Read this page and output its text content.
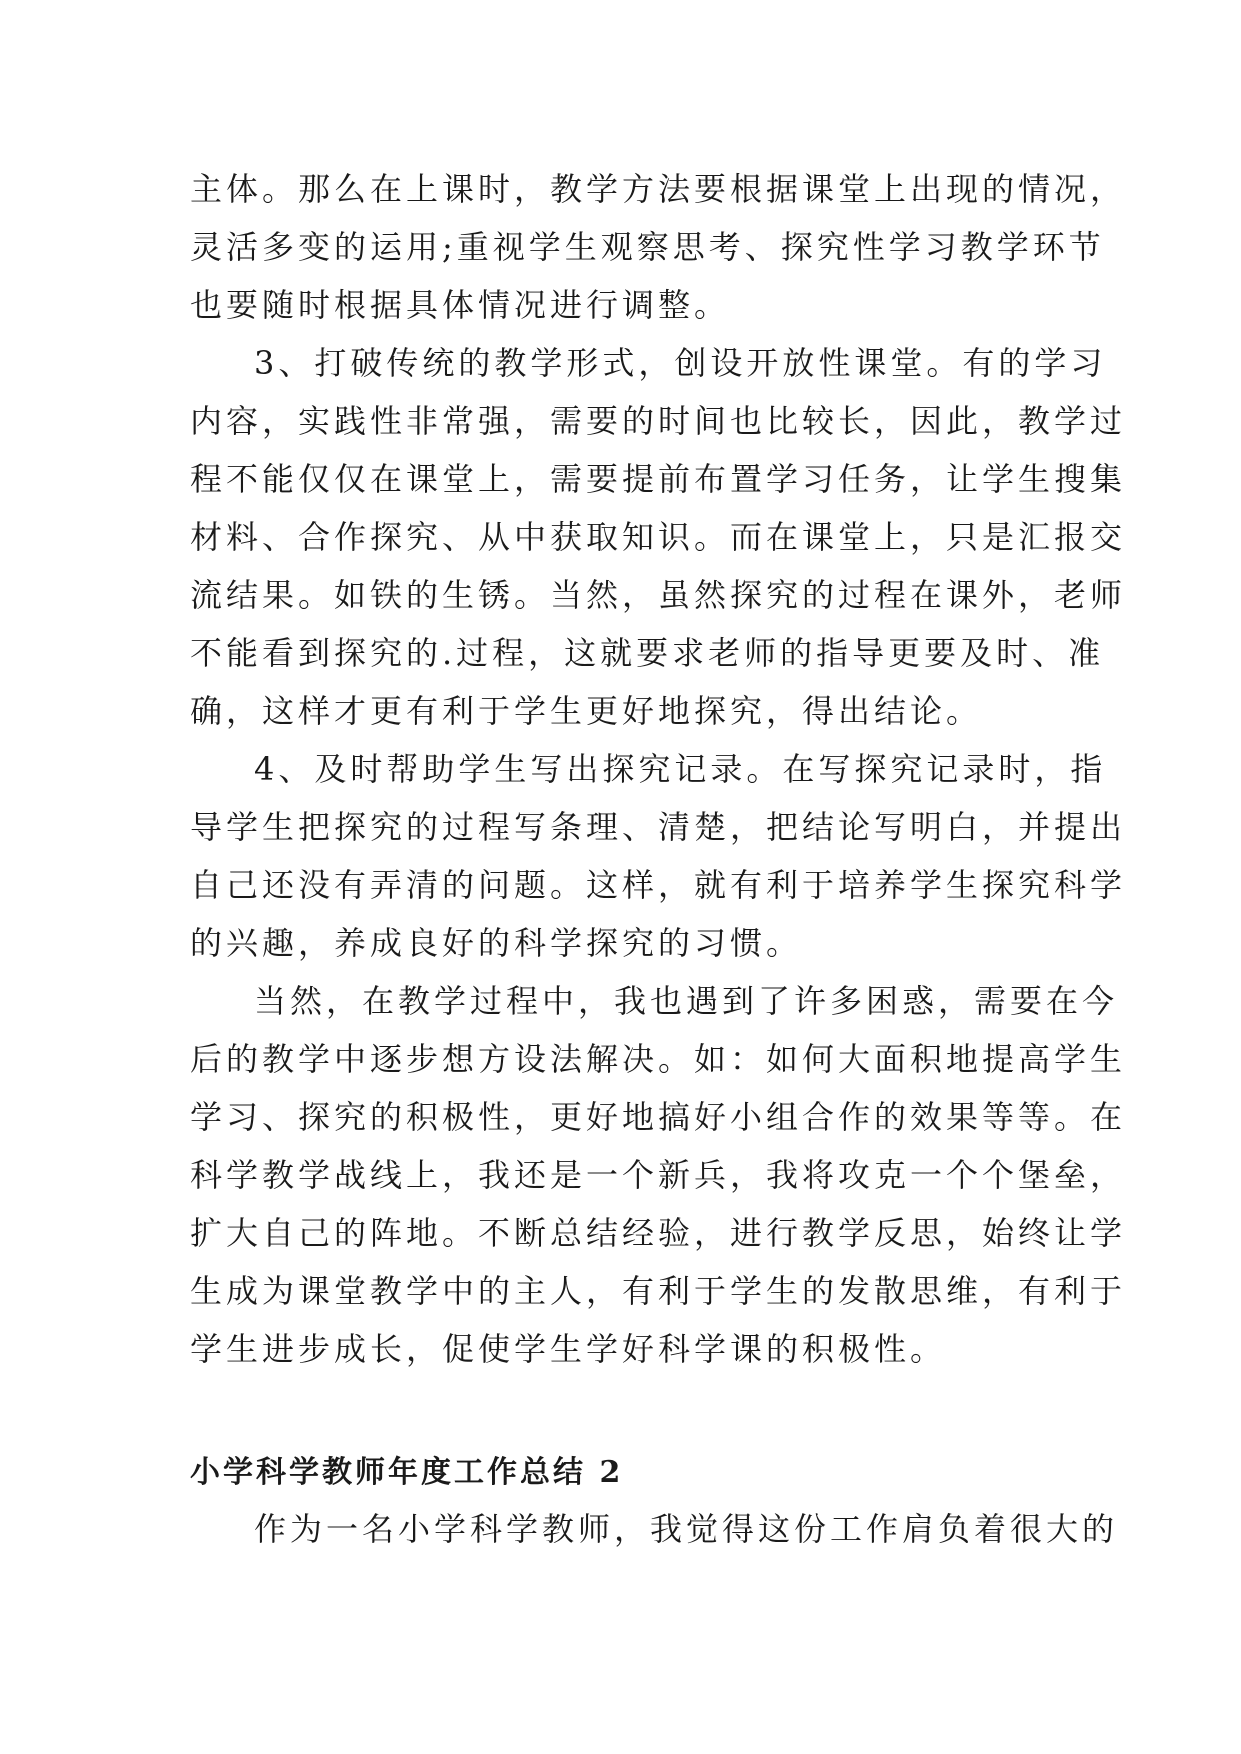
主体。那么在上课时，教学方法要根据课堂上出现的情况，
灵活多变的运用;重视学生观察思考、探究性学习教学环节
也要随时根据具体情况进行调整。

3、打破传统的教学形式，创设开放性课堂。有的学习
内容，实践性非常强，需要的时间也比较长，因此，教学过
程不能仅仅在课堂上，需要提前布置学习任务，让学生搜集
材料、合作探究、从中获取知识。而在课堂上，只是汇报交
流结果。如铁的生锈。当然，虽然探究的过程在课外，老师
不能看到探究的.过程，这就要求老师的指导更要及时、准
确，这样才更有利于学生更好地探究，得出结论。

4、及时帮助学生写出探究记录。在写探究记录时，指
导学生把探究的过程写条理、清楚，把结论写明白，并提出
自己还没有弄清的问题。这样，就有利于培养学生探究科学
的兴趣，养成良好的科学探究的习惯。

当然，在教学过程中，我也遇到了许多困惑，需要在今
后的教学中逐步想方设法解决。如：如何大面积地提高学生
学习、探究的积极性，更好地搞好小组合作的效果等等。在
科学教学战线上，我还是一个新兵，我将攻克一个个堡垒，
扩大自己的阵地。不断总结经验，进行教学反思，始终让学
生成为课堂教学中的主人，有利于学生的发散思维，有利于
学生进步成长，促使学生学好科学课的积极性。

小学科学教师年度工作总结 2

作为一名小学科学教师，我觉得这份工作肩负着很大的
